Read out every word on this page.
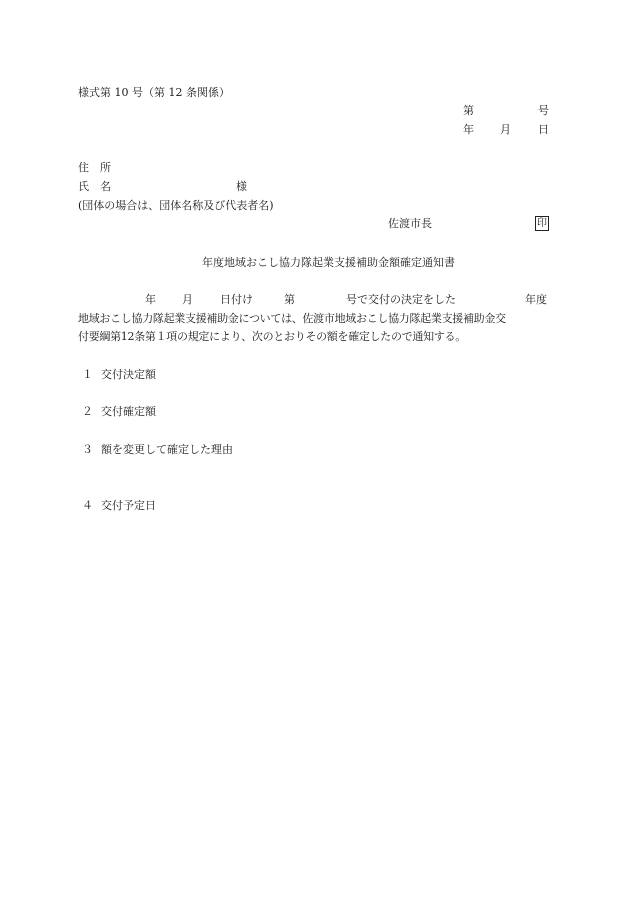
様式第 10 号（第 12 条関係）
第	号
年 月 日
住　所
氏　名	様
(団体の場合は、団体名称及び代表者名)
佐渡市長	印
年度地域おこし協力隊起業支援補助金額確定通知書
年 月 日付け	第	号で交付の決定をした	年度
地域おこし協力隊起業支援補助金については、佐渡市地域おこし協力隊起業支援補助金交
付要綱第12条第１項の規定により、次のとおりその額を確定したので通知する。
１ 交付決定額
２ 交付確定額
３ 額を変更して確定した理由
４ 交付予定日
